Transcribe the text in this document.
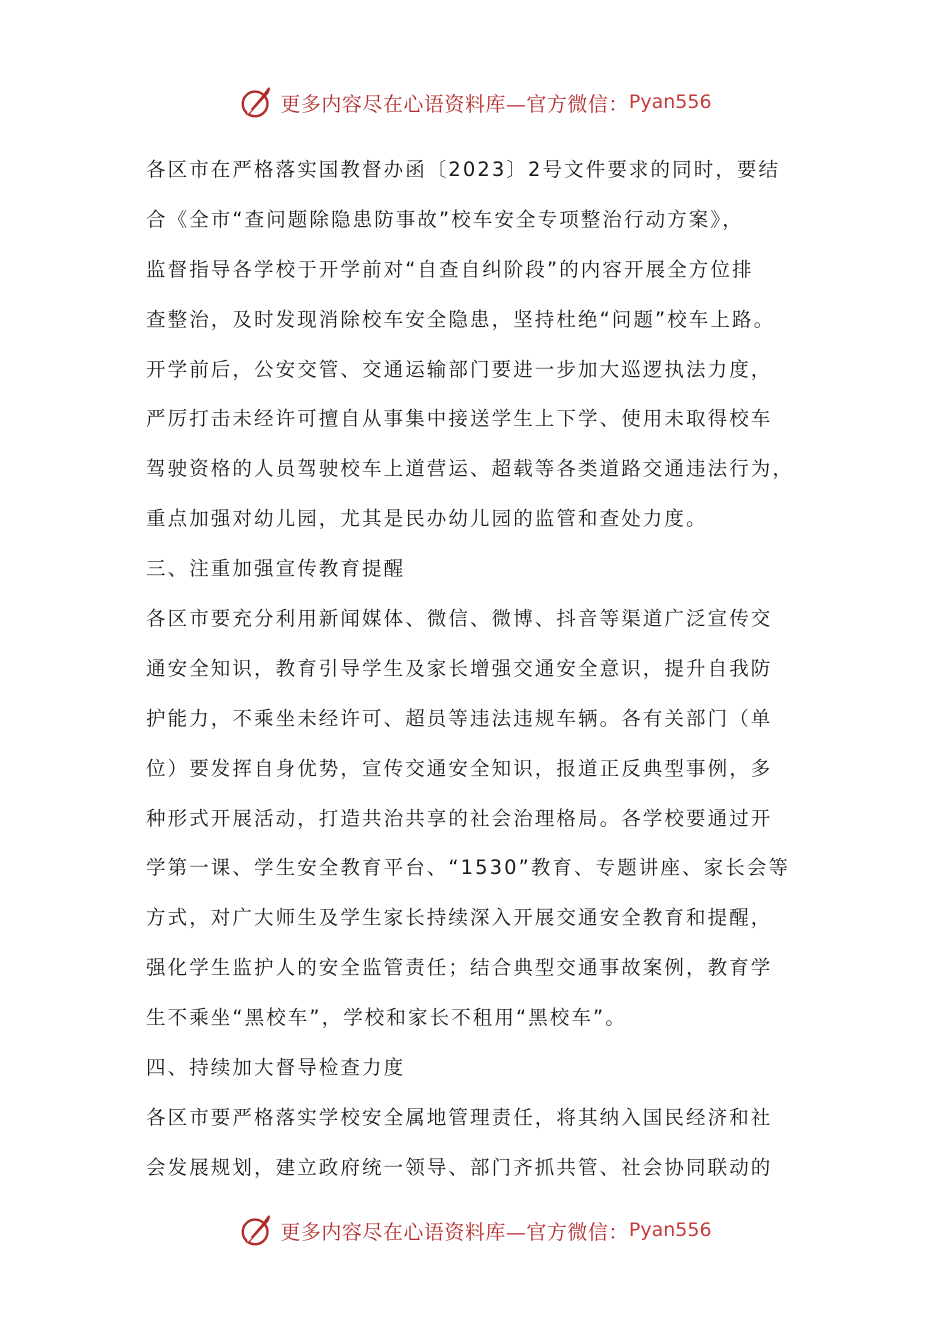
更多内容尽在心语资料库—官方微信： Pyan556
各区市在严格落实国教督办函〔2023〕2号文件要求的同时，要结
合《全市“查问题除隐患防事故”校车安全专项整治行动方案》，
监督指导各学校于开学前对“自查自纠阶段”的内容开展全方位排
查整治，及时发现消除校车安全隐患，坚持杜绝“问题”校车上路。
开学前后，公安交管、交通运输部门要进一步加大巡逻执法力度，
严厉打击未经许可擅自从事集中接送学生上下学、使用未取得校车
驾驶资格的人员驾驶校车上道营运、超载等各类道路交通违法行为，
重点加强对幼儿园，尤其是民办幼儿园的监管和查处力度。
三、注重加强宣传教育提醒
各区市要充分利用新闻媒体、微信、微博、抖音等渠道广泛宣传交
通安全知识，教育引导学生及家长增强交通安全意识，提升自我防
护能力，不乘坐未经许可、超员等违法违规车辆。各有关部门（单
位）要发挥自身优势，宣传交通安全知识，报道正反典型事例，多
种形式开展活动，打造共治共享的社会治理格局。各学校要通过开
学第一课、学生安全教育平台、“1530”教育、专题讲座、家长会等
方式，对广大师生及学生家长持续深入开展交通安全教育和提醒，
强化学生监护人的安全监管责任；结合典型交通事故案例，教育学
生不乘坐“黑校车”，学校和家长不租用“黑校车”。
四、持续加大督导检查力度
各区市要严格落实学校安全属地管理责任，将其纳入国民经济和社
会发展规划，建立政府统一领导、部门齐抓共管、社会协同联动的
更多内容尽在心语资料库—官方微信： Pyan556
